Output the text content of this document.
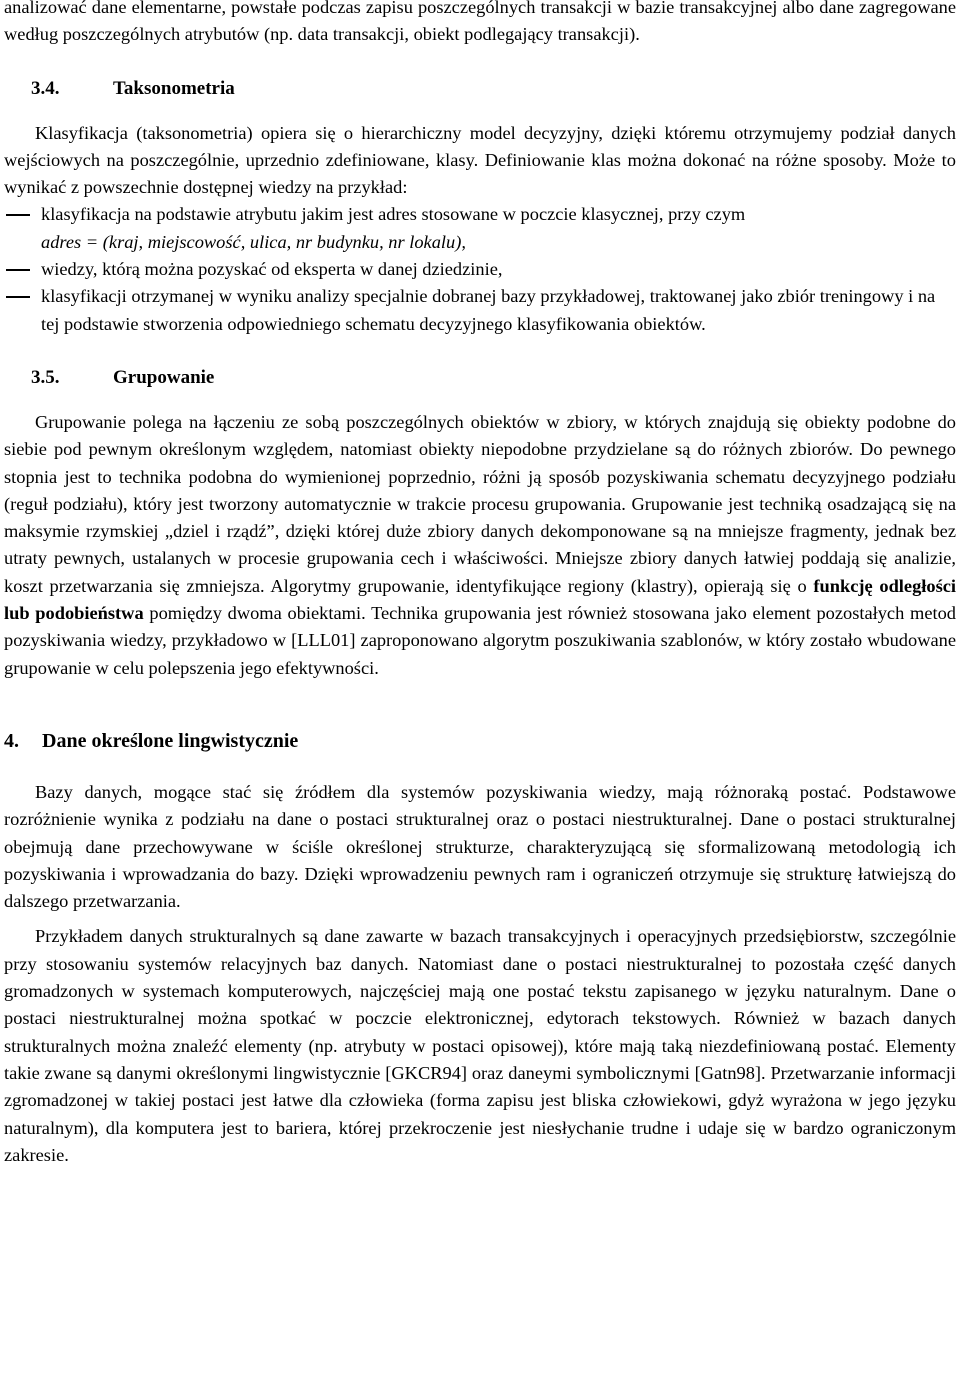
analizować dane elementarne, powstałe podczas zapisu poszczególnych transakcji w bazie transakcyjnej albo dane zagregowane według poszczególnych atrybutów (np. data transakcji, obiekt podlegający transakcji).

3.4.	Taksonometria

Klasyfikacja (taksonometria) opiera się o hierarchiczny model decyzyjny, dzięki któremu otrzymujemy podział danych wejściowych na poszczególnie, uprzednio zdefiniowane, klasy. Definiowanie klas można dokonać na różne sposoby. Może to wynikać z powszechnie dostępnej wiedzy na przykład:

klasyfikacja na podstawie atrybutu jakim jest adres stosowane w poczcie klasycznej, przy czym
adres = (kraj, miejscowość, ulica, nr budynku, nr lokalu),
wiedzy, którą można pozyskać od eksperta w danej dziedzinie,
klasyfikacji otrzymanej w wyniku analizy specjalnie dobranej bazy przykładowej, traktowanej jako zbiór treningowy i na tej podstawie stworzenia odpowiedniego schematu decyzyjnego klasyfikowania obiektów.
3.5.	Grupowanie

Grupowanie polega na łączeniu ze sobą poszczególnych obiektów w zbiory, w których znajdują się obiekty podobne do siebie pod pewnym określonym względem, natomiast obiekty niepodobne przydzielane są do różnych zbiorów. Do pewnego stopnia jest to technika podobna do wymienionej poprzednio, różni ją sposób pozyskiwania schematu decyzyjnego podziału (reguł podziału), który jest tworzony automatycznie w trakcie procesu grupowania. Grupowanie jest techniką osadzającą się na maksymie rzymskiej „dziel i rządź”, dzięki której duże zbiory danych dekomponowane są na mniejsze fragmenty, jednak bez utraty pewnych, ustalanych w procesie grupowania cech i właściwości. Mniejsze zbiory danych łatwiej poddają się analizie, koszt przetwarzania się zmniejsza. Algorytmy grupowanie, identyfikujące regiony (klastry), opierają się o funkcję odległości lub podobieństwa pomiędzy dwoma obiektami. Technika grupowania jest również stosowana jako element pozostałych metod pozyskiwania wiedzy, przykładowo w [LLL01] zaproponowano algorytm poszukiwania szablonów, w który zostało wbudowane grupowanie w celu polepszenia jego efektywności.

4. Dane określone lingwistycznie

Bazy danych, mogące stać się źródłem dla systemów pozyskiwania wiedzy, mają różnoraką postać. Podstawowe rozróżnienie wynika z podziału na dane o postaci strukturalnej oraz o postaci niestrukturalnej. Dane o postaci strukturalnej obejmują dane przechowywane w ściśle określonej strukturze, charakteryzującą się sformalizowaną metodologią ich pozyskiwania i wprowadzania do bazy. Dzięki wprowadzeniu pewnych ram i ograniczeń otrzymuje się strukturę łatwiejszą do dalszego przetwarzania.

Przykładem danych strukturalnych są dane zawarte w bazach transakcyjnych i operacyjnych przedsiębiorstw, szczególnie przy stosowaniu systemów relacyjnych baz danych. Natomiast dane o postaci niestrukturalnej to pozostała część danych gromadzonych w systemach komputerowych, najczęściej mają one postać tekstu zapisanego w języku naturalnym. Dane o postaci niestrukturalnej można spotkać w poczcie elektronicznej, edytorach tekstowych. Również w bazach danych strukturalnych można znaleźć elementy (np. atrybuty w postaci opisowej), które mają taką niezdefiniowaną postać. Elementy takie zwane są danymi określonymi lingwistycznie [GKCR94] oraz daneymi symbolicznymi [Gatn98]. Przetwarzanie informacji zgromadzonej w takiej postaci jest łatwe dla człowieka (forma zapisu jest bliska człowiekowi, gdyż wyrażona w jego języku naturalnym), dla komputera jest to bariera, której przekroczenie jest niesłychanie trudne i udaje się w bardzo ograniczonym zakresie.
